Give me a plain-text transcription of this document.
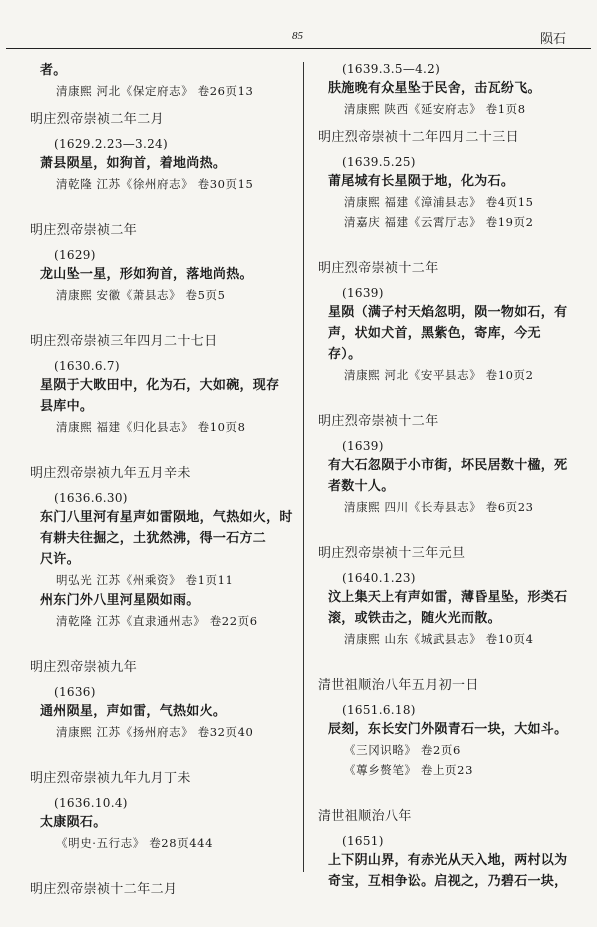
85	陨石
者。
清康熙 河北《保定府志》 卷26页13
明庄烈帝崇祯二年二月
(1629.2.23—3.24)
萧县陨星，如狗首，着地尚热。
清乾隆 江苏《徐州府志》 卷30页15
明庄烈帝崇祯二年
(1629)
龙山坠一星，形如狗首，落地尚热。
清康熙 安徽《萧县志》 卷5页5
明庄烈帝崇祯三年四月二十七日
(1630.6.7)
星陨于大畋田中，化为石，大如碗，现存
县库中。
清康熙 福建《归化县志》 卷10页8
明庄烈帝崇祯九年五月辛未
(1636.6.30)
东门八里河有星声如雷陨地，气热如火，时
有耕夫往掘之，土犹然沸，得一石方二
尺许。
明弘光 江苏《州乘资》 卷1页11
州东门外八里河星陨如雨。
清乾隆 江苏《直隶通州志》 卷22页6
明庄烈帝崇祯九年
(1636)
通州陨星，声如雷，气热如火。
清康熙 江苏《扬州府志》 卷32页40
明庄烈帝崇祯九年九月丁未
(1636.10.4)
太康陨石。
《明史·五行志》 卷28页444
明庄烈帝崇祯十二年二月
(1639.3.5—4.2)
肤施晚有众星坠于民舍，击瓦纷飞。
清康熙 陕西《延安府志》 卷1页8
明庄烈帝崇祯十二年四月二十三日
(1639.5.25)
莆尾城有长星陨于地，化为石。
清康熙 福建《漳浦县志》 卷4页15
清嘉庆 福建《云霄厅志》 卷19页2
明庄烈帝崇祯十二年
(1639)
星陨（满子村天焰忽明，陨一物如石，有
声，状如犬首，黑紫色，寄库，今无
存）。
清康熙 河北《安平县志》 卷10页2
明庄烈帝崇祯十二年
(1639)
有大石忽陨于小市街，坏民居数十楹，死
者数十人。
清康熙 四川《长寿县志》 卷6页23
明庄烈帝崇祯十三年元旦
(1640.1.23)
汶上集天上有声如雷，薄昏星坠，形类石
滚，或铁击之，随火光而散。
清康熙 山东《城武县志》 卷10页4
清世祖顺治八年五月初一日
(1651.6.18)
辰刻，东长安门外陨青石一块，大如斗。
《三冈识略》 卷2页6
《蓴乡赘笔》 卷上页23
清世祖顺治八年
(1651)
上下阴山界，有赤光从天入地，两村以为
奇宝，互相争讼。启视之，乃碧石一块，
